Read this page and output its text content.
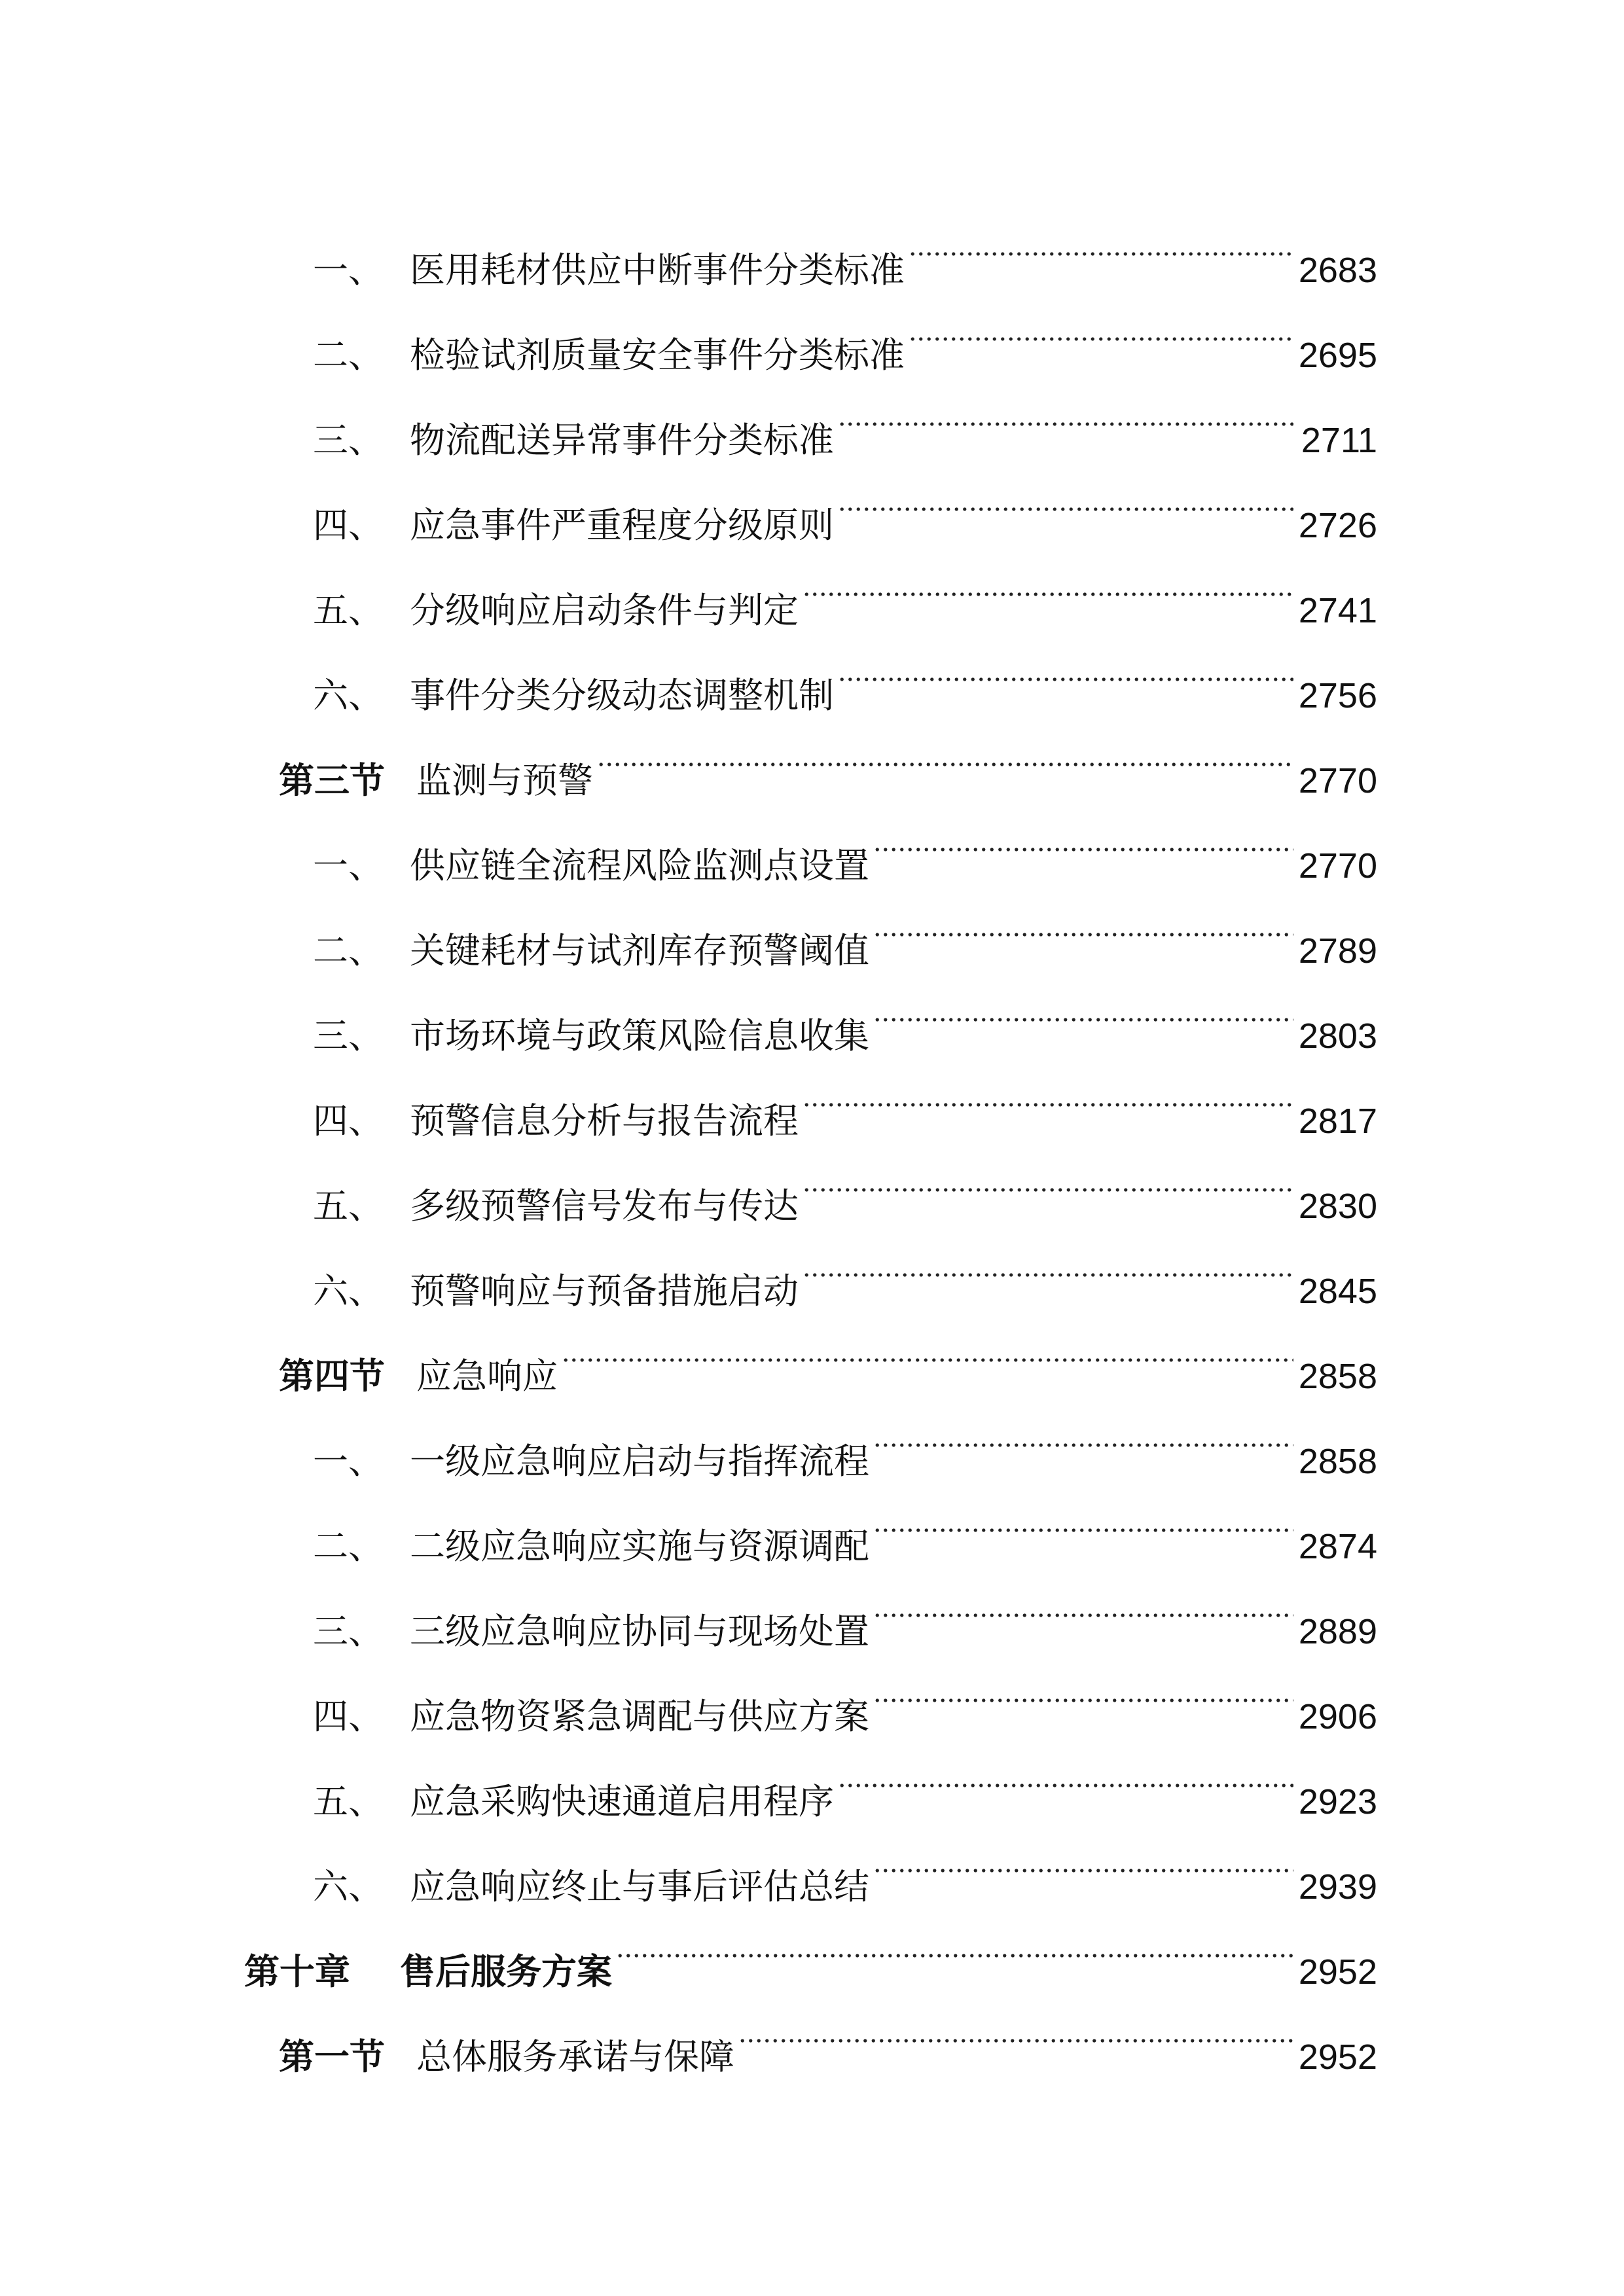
一、 医用耗材供应中断事件分类标准	2683
二、 检验试剂质量安全事件分类标准	2695
三、 物流配送异常事件分类标准	2711
四、 应急事件严重程度分级原则	2726
五、 分级响应启动条件与判定	2741
六、 事件分类分级动态调整机制	2756
第三节 监测与预警	2770
一、 供应链全流程风险监测点设置	2770
二、 关键耗材与试剂库存预警阈值	2789
三、 市场环境与政策风险信息收集	2803
四、 预警信息分析与报告流程	2817
五、 多级预警信号发布与传达	2830
六、 预警响应与预备措施启动	2845
第四节 应急响应	2858
一、 一级应急响应启动与指挥流程	2858
二、 二级应急响应实施与资源调配	2874
三、 三级应急响应协同与现场处置	2889
四、 应急物资紧急调配与供应方案	2906
五、 应急采购快速通道启用程序	2923
六、 应急响应终止与事后评估总结	2939
第十章	售后服务方案	2952
第一节 总体服务承诺与保障	2952
